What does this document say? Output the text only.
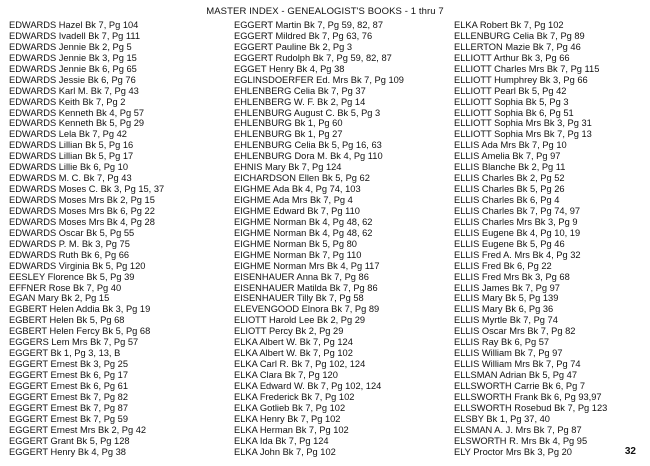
MASTER INDEX - GENEALOGIST'S BOOKS - 1 thru 7
EDWARDS Hazel Bk 7, Pg 104
EDWARDS Ivadell Bk 7, Pg 111
EDWARDS Jennie Bk 2, Pg 5
EDWARDS Jennie Bk 3, Pg 15
EDWARDS Jennie Bk 6, Pg 65
EDWARDS Jessie Bk 6, Pg 76
EDWARDS Karl M. Bk 7, Pg 43
EDWARDS Keith Bk 7, Pg 2
EDWARDS Kenneth Bk 4, Pg 57
EDWARDS Kenneth Bk 5, Pg 29
EDWARDS Lela Bk 7, Pg 42
EDWARDS Lillian Bk 5, Pg 16
EDWARDS Lillian Bk 5, Pg 17
EDWARDS Lillie Bk 6, Pg 10
EDWARDS M. C. Bk 7, Pg 43
EDWARDS Moses C. Bk 3, Pg 15, 37
EDWARDS Moses Mrs Bk 2, Pg 15
EDWARDS Moses Mrs Bk 6, Pg 22
EDWARDS Moses Mrs Bk 4, Pg 28
EDWARDS Oscar Bk 5, Pg 55
EDWARDS P. M. Bk 3, Pg 75
EDWARDS Ruth Bk 6, Pg 66
EDWARDS Virginia Bk 5, Pg 120
EESLEY Florence Bk 5, Pg 39
EFFNER Rose Bk 7, Pg 40
EGAN Mary Bk 2, Pg 15
EGBERT Helen Addia Bk 3, Pg 19
EGBERT Helen Bk 5, Pg 68
EGBERT Helen Fercy Bk 5, Pg 68
EGGERS Lem Mrs Bk 7, Pg 57
EGGERT Bk 1, Pg 3, 13, B
EGGERT Ernest Bk 3, Pg 25
EGGERT Ernest Bk 6, Pg 17
EGGERT Ernest Bk 6, Pg 61
EGGERT Ernest Bk 7, Pg 82
EGGERT Ernest Bk 7, Pg 87
EGGERT Ernest Bk 7, Pg 59
EGGERT Ernest Mrs Bk 2, Pg 42
EGGERT Grant Bk 5, Pg 128
EGGERT Henry Bk 4, Pg 38
EGGERT Martin Bk 7, Pg 59, 82, 87
EGGERT Mildred Bk 7, Pg 63, 76
EGGERT Pauline Bk 2, Pg 3
EGGERT Rudolph Bk 7, Pg 59, 82, 87
EGGET Henry Bk 4, Pg 38
EGLINSDOERFER Ed. Mrs Bk 7, Pg 109
EHLENBERG Celia Bk 7, Pg 37
EHLENBERG W. F. Bk 2, Pg 14
EHLENBURG August C. Bk 5, Pg 3
EHLENBURG Bk 1, Pg 60
EHLENBURG Bk 1, Pg 27
EHLENBURG Celia Bk 5, Pg 16, 63
EHLENBURG Dora M. Bk 4, Pg 110
EHNIS Mary Bk 7, Pg 124
EICHARDSON Ellen Bk 5, Pg 62
EIGHME Ada Bk 4, Pg 74, 103
EIGHME Ada Mrs Bk 7, Pg 4
EIGHME Edward Bk 7, Pg 110
EIGHME Norman Bk 4, Pg 48, 62
EIGHME Norman Bk 4, Pg 48, 62
EIGHME Norman Bk 5, Pg 80
EIGHME Norman Bk 7, Pg 110
EIGHME Norman Mrs Bk 4, Pg 117
EISENHAUER Anna Bk 7, Pg 86
EISENHAUER Matilda Bk 7, Pg 86
EISENHAUER Tilly Bk 7, Pg 58
ELEVENGOOD Elnora Bk 7, Pg 89
ELIOTT Harold Lee Bk 2, Pg 29
ELIOTT Percy Bk 2, Pg 29
ELKA Albert W. Bk 7, Pg 124
ELKA Albert W. Bk 7, Pg 102
ELKA Carl R. Bk 7, Pg 102, 124
ELKA Clara Bk 7, Pg 120
ELKA Edward W. Bk 7, Pg 102, 124
ELKA Frederick Bk 7, Pg 102
ELKA Gotlieb Bk 7, Pg 102
ELKA Henry Bk 7, Pg 102
ELKA Herman Bk 7, Pg 102
ELKA Ida Bk 7, Pg 124
ELKA John Bk 7, Pg 102
ELKA Robert Bk 7, Pg 102
ELLENBURG Celia Bk 7, Pg 89
ELLERTON Mazie Bk 7, Pg 46
ELLIOTT Arthur Bk 3, Pg 66
ELLIOTT Charles Mrs Bk 7, Pg 115
ELLIOTT Humphrey Bk 3, Pg 66
ELLIOTT Pearl Bk 5, Pg 42
ELLIOTT Sophia Bk 5, Pg 3
ELLIOTT Sophia Bk 6, Pg 51
ELLIOTT Sophia Mrs Bk 3, Pg 31
ELLIOTT Sophia Mrs Bk 7, Pg 13
ELLIS Ada Mrs Bk 7, Pg 10
ELLIS Amelia Bk 7, Pg 97
ELLIS Blanche Bk 2, Pg 11
ELLIS Charles Bk 2, Pg 52
ELLIS Charles Bk 5, Pg 26
ELLIS Charles Bk 6, Pg 4
ELLIS Charles Bk 7, Pg 74, 97
ELLIS Charles Mrs Bk 3, Pg 9
ELLIS Eugene Bk 4, Pg 10, 19
ELLIS Eugene Bk 5, Pg 46
ELLIS Fred A. Mrs Bk 4, Pg 32
ELLIS Fred Bk 6, Pg 22
ELLIS Fred Mrs Bk 3, Pg 68
ELLIS James Bk 7, Pg 97
ELLIS Mary Bk 5, Pg 139
ELLIS Mary Bk 6, Pg 36
ELLIS Myrtle Bk 7, Pg 74
ELLIS Oscar Mrs Bk 7, Pg 82
ELLIS Ray Bk 6, Pg 57
ELLIS William Bk 7, Pg 97
ELLIS William Mrs Bk 7, Pg 74
ELLSMAN Adrian Bk 5, Pg 47
ELLSWORTH Carrie Bk 6, Pg 7
ELLSWORTH Frank Bk 6, Pg 93,97
ELLSWORTH Rosebud Bk 7, Pg 123
ELSBY Bk 1, Pg 37, 40
ELSMAN A. J. Mrs Bk 7, Pg 87
ELSWORTH R. Mrs Bk 4, Pg 95
ELY Proctor Mrs Bk 3, Pg 20	32
